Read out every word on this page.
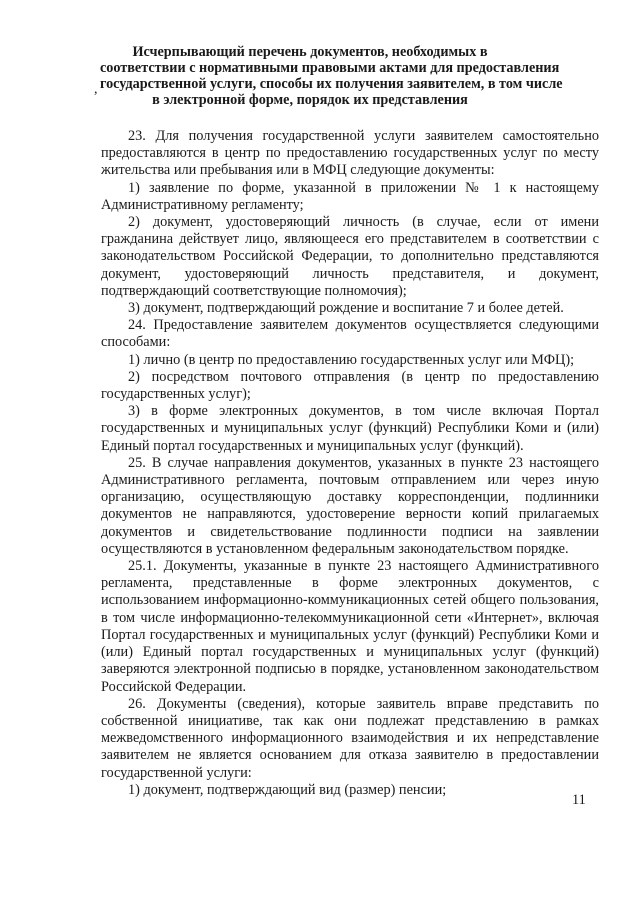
Исчерпывающий перечень документов, необходимых в
соответствии с нормативными правовыми актами для предоставления
государственной услуги, способы их получения заявителем, в том числе
в электронной форме, порядок их представления
,

23. Для получения государственной услуги заявителем самостоятельно предоставляются в центр по предоставлению государственных услуг по месту жительства или пребывания или в МФЦ следующие документы:

1) заявление по форме, указанной в приложении № 1 к настоящему Административному регламенту;

2) документ, удостоверяющий личность (в случае, если от имени гражданина действует лицо, являющееся его представителем в соответствии с законодательством Российской Федерации, то дополнительно представляются документ, удостоверяющий личность представителя, и документ, подтверждающий соответствующие полномочия);

3) документ, подтверждающий рождение и воспитание 7 и более детей.

24. Предоставление заявителем документов осуществляется следующими способами:

1) лично (в центр по предоставлению государственных услуг или МФЦ);

2) посредством почтового отправления (в центр по предоставлению государственных услуг);

3) в форме электронных документов, в том числе включая Портал государственных и муниципальных услуг (функций) Республики Коми и (или) Единый портал государственных и муниципальных услуг (функций).

25. В случае направления документов, указанных в пункте 23 настоящего Административного регламента, почтовым отправлением или через иную организацию, осуществляющую доставку корреспонденции, подлинники документов не направляются, удостоверение верности копий прилагаемых документов и свидетельствование подлинности подписи на заявлении осуществляются в установленном федеральным законодательством порядке.

25.1. Документы, указанные в пункте 23 настоящего Административного регламента, представленные в форме электронных документов, с использованием информационно-коммуникационных сетей общего пользования, в том числе информационно-телекоммуникационной сети «Интернет», включая Портал государственных и муниципальных услуг (функций) Республики Коми и (или) Единый портал государственных и муниципальных услуг (функций) заверяются электронной подписью в порядке, установленном законодательством Российской Федерации.

26. Документы (сведения), которые заявитель вправе представить по собственной инициативе, так как они подлежат представлению в рамках межведомственного информационного взаимодействия и их непредставление заявителем не является основанием для отказа заявителю в предоставлении государственной услуги:

1) документ, подтверждающий вид (размер) пенсии;

11
